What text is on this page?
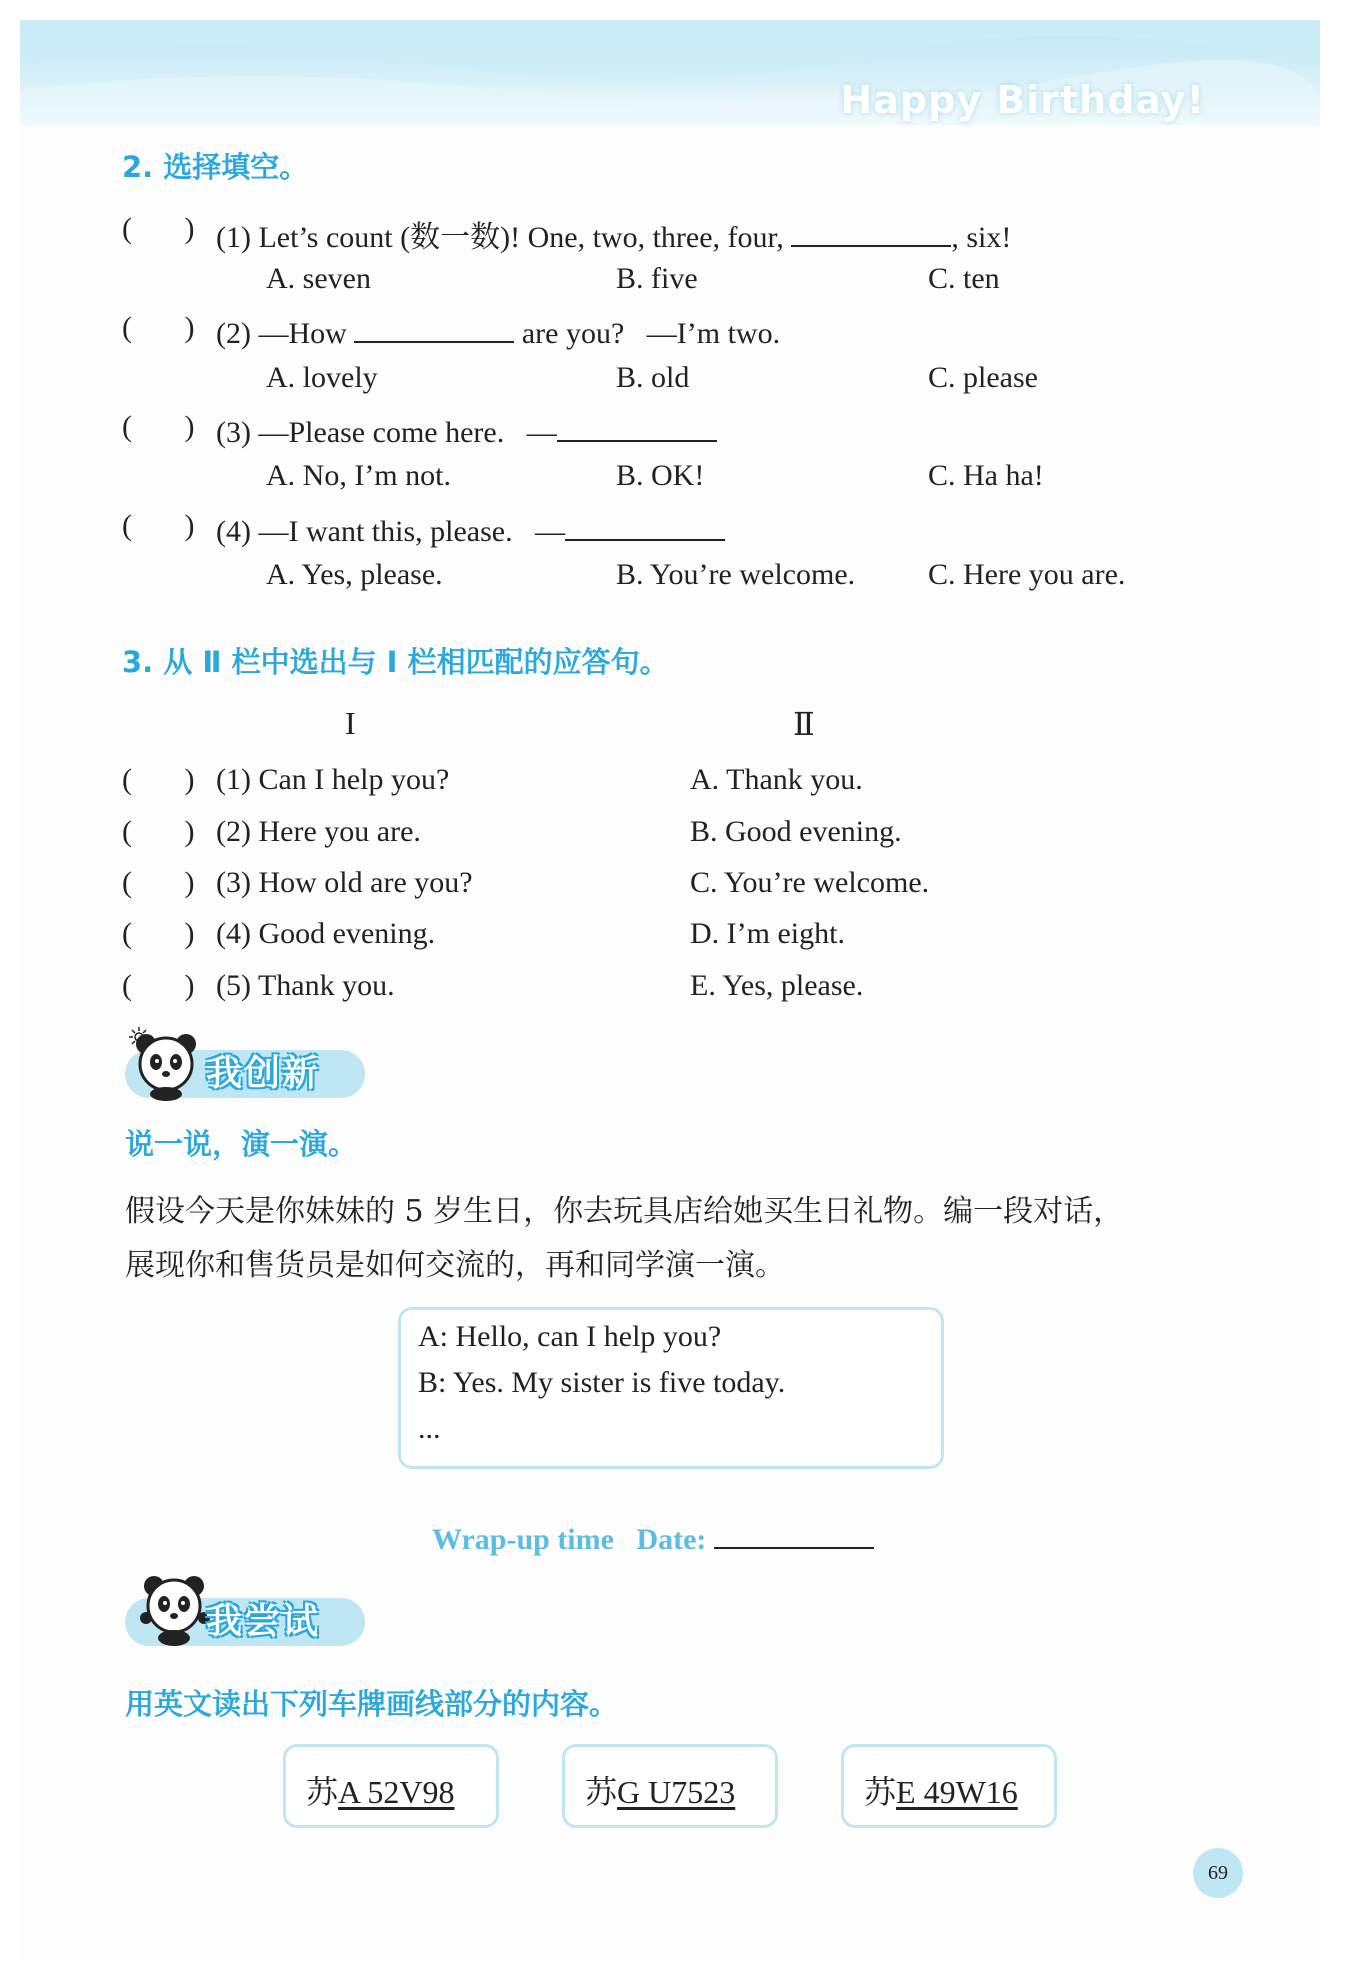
Happy Birthday!
2. 选择填空。
(       ) (1) Let’s count (数一数)! One, two, three, four,	, six!
A. seven	B. five	C. ten
(       ) (2) —How	are you? —I’m two.
A. lovely	B. old	C. please
(       ) (3) —Please come here. —
A. No, I’m not.	B. OK!	C. Ha ha!
(       ) (4) —I want this, please. —
A. Yes, please.	B. You’re welcome. C. Here you are.
3. 从 Ⅱ 栏中选出与 Ⅰ 栏相匹配的应答句。
I	Ⅱ
(       ) (1) Can I help you?	A. Thank you.
(       ) (2) Here you are.	B. Good evening.
(       ) (3) How old are you?	C. You’re welcome.
(       ) (4) Good evening.	D. I’m eight.
(       ) (5) Thank you.	E. Yes, please.
我创新
说一说，演一演。
假设今天是你妹妹的 5 岁生日，你去玩具店给她买生日礼物。编一段对话，
展现你和售货员是如何交流的，再和同学演一演。
A: Hello, can I help you?
B: Yes. My sister is five today.
...
Wrap-up time Date:
我尝试
用英文读出下列车牌画线部分的内容。
苏A 52V98	苏G U7523	苏E 49W16
69
